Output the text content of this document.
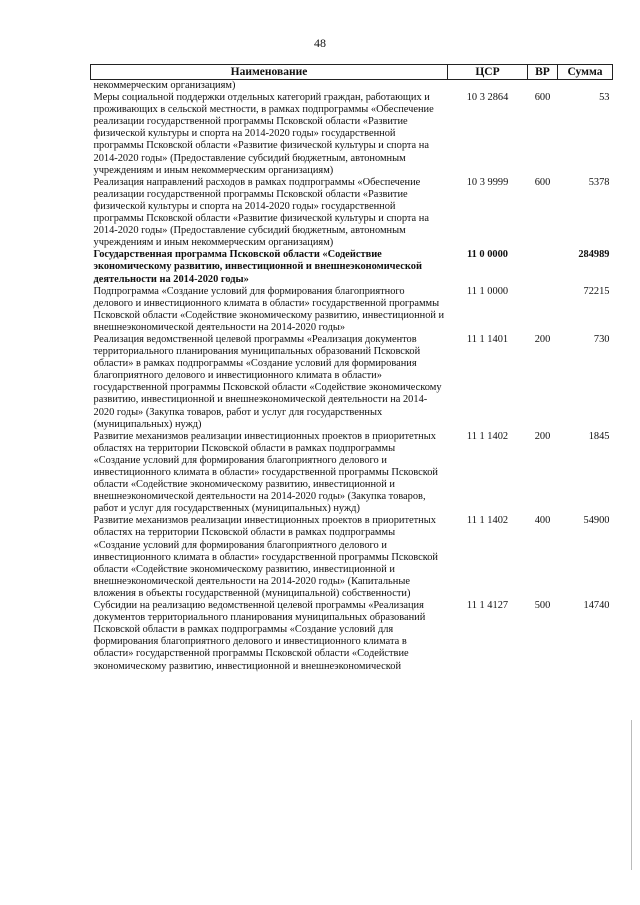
48
Наименование	ЦСР	ВР	Сумма
некоммерческим организациям)			
Меры социальной поддержки отдельных категорий граждан, работающих и проживающих в сельской местности, в рамках подпрограммы «Обеспечение реализации государственной программы Псковской области «Развитие физической культуры и спорта на 2014-2020 годы» государственной программы Псковской области «Развитие физической культуры и спорта на 2014-2020 годы» (Предоставление субсидий бюджетным, автономным учреждениям и иным некоммерческим организациям)	10 3 2864	600	53
Реализация направлений расходов в рамках подпрограммы «Обеспечение реализации государственной программы Псковской области «Развитие физической культуры и спорта на 2014-2020 годы» государственной программы Псковской области «Развитие физической культуры и спорта на 2014-2020 годы» (Предоставление субсидий бюджетным, автономным учреждениям и иным некоммерческим организациям)	10 3 9999	600	5378
Государственная программа Псковской области «Содействие экономическому развитию, инвестиционной и внешнеэкономической деятельности на 2014-2020 годы»	11 0 0000		284989
Подпрограмма «Создание условий для формирования благоприятного делового и инвестиционного климата в области» государственной программы Псковской области «Содействие экономическому развитию, инвестиционной и внешнеэкономической деятельности на 2014-2020 годы»	11 1 0000		72215
Реализация ведомственной целевой программы «Реализация документов территориального планирования муниципальных образований Псковской области» в рамках подпрограммы «Создание условий для формирования благоприятного делового и инвестиционного климата в области» государственной программы Псковской области «Содействие экономическому развитию, инвестиционной и внешнеэкономической деятельности на 2014-2020 годы» (Закупка товаров, работ и услуг для государственных (муниципальных) нужд)	11 1 1401	200	730
Развитие механизмов реализации инвестиционных проектов в приоритетных областях на территории Псковской области в рамках подпрограммы «Создание условий для формирования благоприятного делового и инвестиционного климата в области» государственной программы Псковской области «Содействие экономическому развитию, инвестиционной и внешнеэкономической деятельности на 2014-2020 годы» (Закупка товаров, работ и услуг для государственных (муниципальных) нужд)	11 1 1402	200	1845
Развитие механизмов реализации инвестиционных проектов в приоритетных областях на территории Псковской области в рамках подпрограммы «Создание условий для формирования благоприятного делового и инвестиционного климата в области» государственной программы Псковской области «Содействие экономическому развитию, инвестиционной и внешнеэкономической деятельности на 2014-2020 годы» (Капитальные вложения в объекты государственной (муниципальной) собственности)	11 1 1402	400	54900
Субсидии на реализацию ведомственной целевой программы «Реализация документов территориального планирования муниципальных образований Псковской области в рамках подпрограммы «Создание условий для формирования благоприятного делового и инвестиционного климата в области» государственной программы Псковской области «Содействие экономическому развитию, инвестиционной и внешнеэкономической	11 1 4127	500	14740
